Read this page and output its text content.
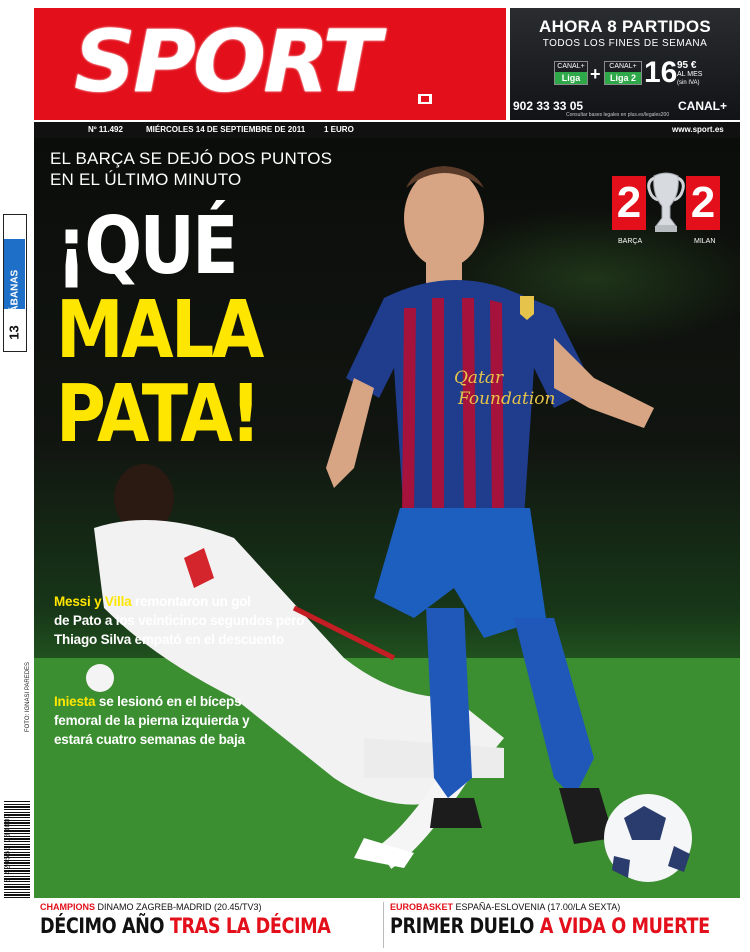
SPORT	AHORA 8 PARTIDOS
TODOS LOS FINES DE SEMANA
CANAL+
Liga +	CANAL+
Liga 2 16 95 €
AL MES
(sin IVA)
902 33 33 05	CANAL+
Consultar bases legales en plus.es/legales200
Nº 11.492	MIÉRCOLES 14 DE SEPTIEMBRE DE 2011 1 EURO	www.sport.es
SÁBANAS
13
FOTO: IGNASI PAREDES
8 420563 030007
Qatar
Foundation
EL BARÇA SE DEJÓ DOS PUNTOS
EN EL ÚLTIMO MINUTO
¡QUÉ
MALA
PATA!
2 2
BARÇA	MILAN
Messi y Villa remontaron un gol
de Pato a los veinticinco segundos pero
Thiago Silva empató en el descuento
Iniesta se lesionó en el bíceps
femoral de la pierna izquierda y
estará cuatro semanas de baja
CHAMPIONS DINAMO ZAGREB-MADRID (20.45/TV3)
DÉCIMO AÑO TRAS LA DÉCIMA
EUROBASKET ESPAÑA-ESLOVENIA (17.00/LA SEXTA)
PRIMER DUELO A VIDA O MUERTE
